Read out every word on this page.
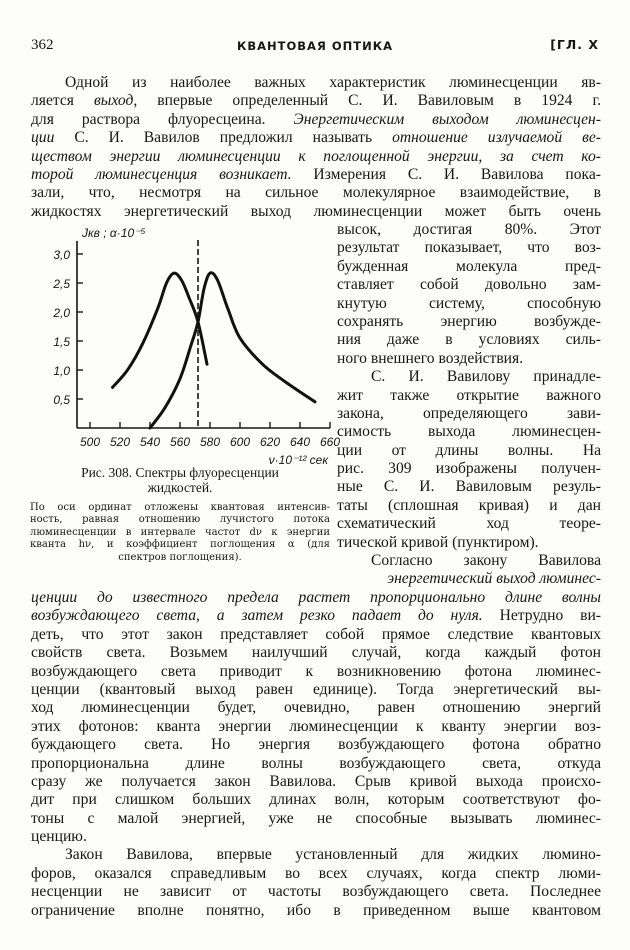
362	КВАНТОВАЯ ОПТИКА	[ГЛ. X
Одной из наиболее важных характеристик люминесценции яв-
ляется выход, впервые определенный С. И. Вавиловым в 1924 г.
для раствора флуоресцеина. Энергетическим выходом люминесцен-
ции С. И. Вавилов предложил называть отношение излучаемой ве-
ществом энергии люминесценции к поглощенной энергии, за счет ко-
торой люминесценция возникает. Измерения С. И. Вавилова пока-
зали, что, несмотря на сильное молекулярное взаимодействие, в
жидкостях энергетический выход люминесценции может быть очень
высок, достигая 80%. Этот
результат показывает, что воз-
бужденная молекула пред-
ставляет собой довольно зам-
кнутую систему, способную
сохранять энергию возбужде-
ния даже в условиях силь-
ного внешнего воздействия.
С. И. Вавилову принадле-
жит также открытие важного
закона, определяющего зави-
симость выхода люминесцен-
ции от длины волны. На
рис. 309 изображены получен-
ные С. И. Вавиловым резуль-
таты (сплошная кривая) и дан
схематический ход теоре-
тической кривой (пунктиром).
Согласно закону Вавилова
энергетический выход люминес-
ценции до известного предела растет пропорционально длине волны
возбуждающего света, а затем резко падает до нуля. Нетрудно ви-
деть, что этот закон представляет собой прямое следствие квантовых
свойств света. Возьмем наилучший случай, когда каждый фотон
возбуждающего света приводит к возникновению фотона люминес-
ценции (квантовый выход равен единице). Тогда энергетический вы-
ход люминесценции будет, очевидно, равен отношению энергий
этих фотонов: кванта энергии люминесценции к кванту энергии воз-
буждающего света. Но энергия возбуждающего фотона обратно
пропорциональна длине волны возбуждающего света, откуда
сразу же получается закон Вавилова. Срыв кривой выхода происхо-
дит при слишком больших длинах волн, которым соответствуют фо-
тоны с малой энергией, уже не способные вызывать люминес-
ценцию.
Закон Вавилова, впервые установленный для жидких люмино-
форов, оказался справедливым во всех случаях, когда спектр люми-
несценции не зависит от частоты возбуждающего света. Последнее
ограничение вполне понятно, ибо в приведенном выше квантовом
0,5
1,0
1,5
2,0
2,5
3,0
500 520 540 560 580 600 620 640 660
ν·10⁻¹² сек
Jкв ; α·10⁻⁵
Рис. 308. Спектры флуоресценции
жидкостей.
По оси ординат отложены квантовая интенсив-
ность, равная отношению лучистого потока
люминесценции в интервале частот dν к энергии
кванта hν, и коэффициент поглощения α (для
спектров поглощения).
